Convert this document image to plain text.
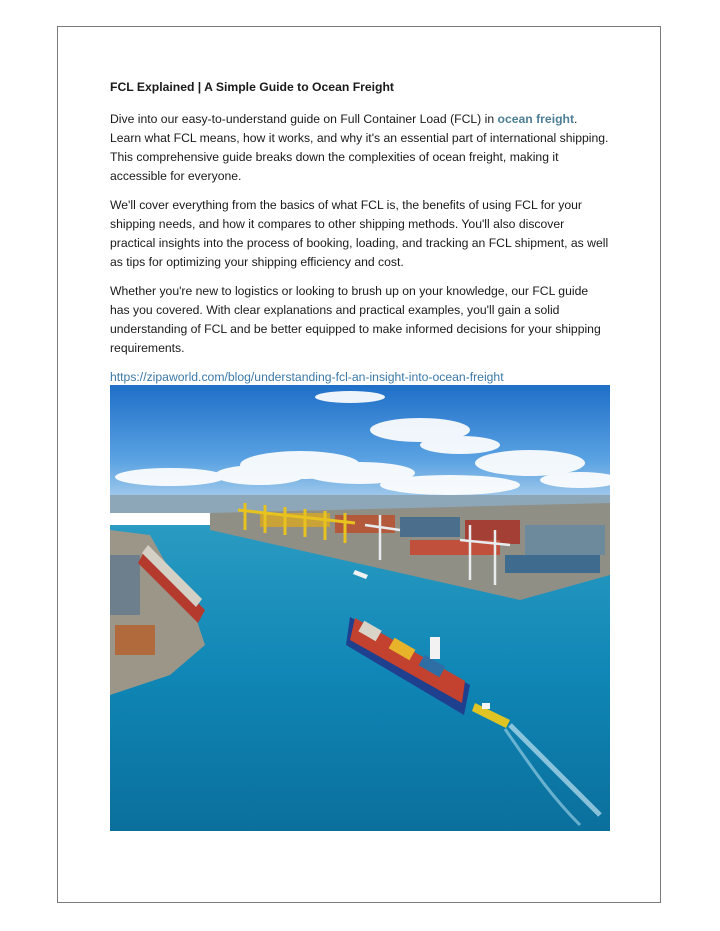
FCL Explained | A Simple Guide to Ocean Freight

Dive into our easy-to-understand guide on Full Container Load (FCL) in ocean freight. Learn what FCL means, how it works, and why it's an essential part of international shipping. This comprehensive guide breaks down the complexities of ocean freight, making it accessible for everyone.

We'll cover everything from the basics of what FCL is, the benefits of using FCL for your shipping needs, and how it compares to other shipping methods. You'll also discover practical insights into the process of booking, loading, and tracking an FCL shipment, as well as tips for optimizing your shipping efficiency and cost.

Whether you're new to logistics or looking to brush up on your knowledge, our FCL guide has you covered. With clear explanations and practical examples, you'll gain a solid understanding of FCL and be better equipped to make informed decisions for your shipping requirements.

https://zipaworld.com/blog/understanding-fcl-an-insight-into-ocean-freight
